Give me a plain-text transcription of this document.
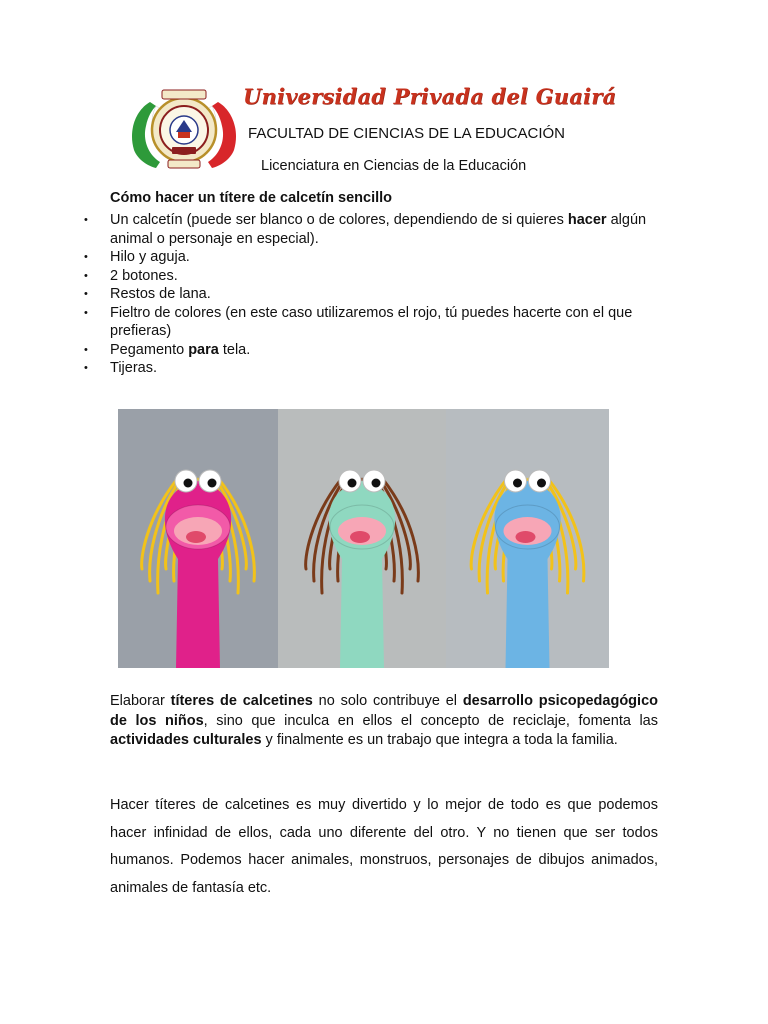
Universidad Privada del Guairá
FACULTAD DE CIENCIAS DE LA EDUCACIÓN
Licenciatura en Ciencias de la Educación
Cómo hacer un títere de calcetín sencillo
• Un calcetín (puede ser blanco o de colores, dependiendo de si quieres hacer algún animal o personaje en especial).
• Hilo y aguja.
• 2 botones.
• Restos de lana.
• Fieltro de colores (en este caso utilizaremos el rojo, tú puedes hacerte con el que prefieras)
• Pegamento para tela.
• Tijeras.
Elaborar títeres de calcetines no solo contribuye el desarrollo psicopedagógico de los niños, sino que inculca en ellos el concepto de reciclaje, fomenta las actividades culturales y finalmente es un trabajo que integra a toda la familia.
Hacer títeres de calcetines es muy divertido y lo mejor de todo es que podemos hacer infinidad de ellos, cada uno diferente del otro. Y no tienen que ser todos humanos. Podemos hacer animales, monstruos, personajes de dibujos animados, animales de fantasía etc.
